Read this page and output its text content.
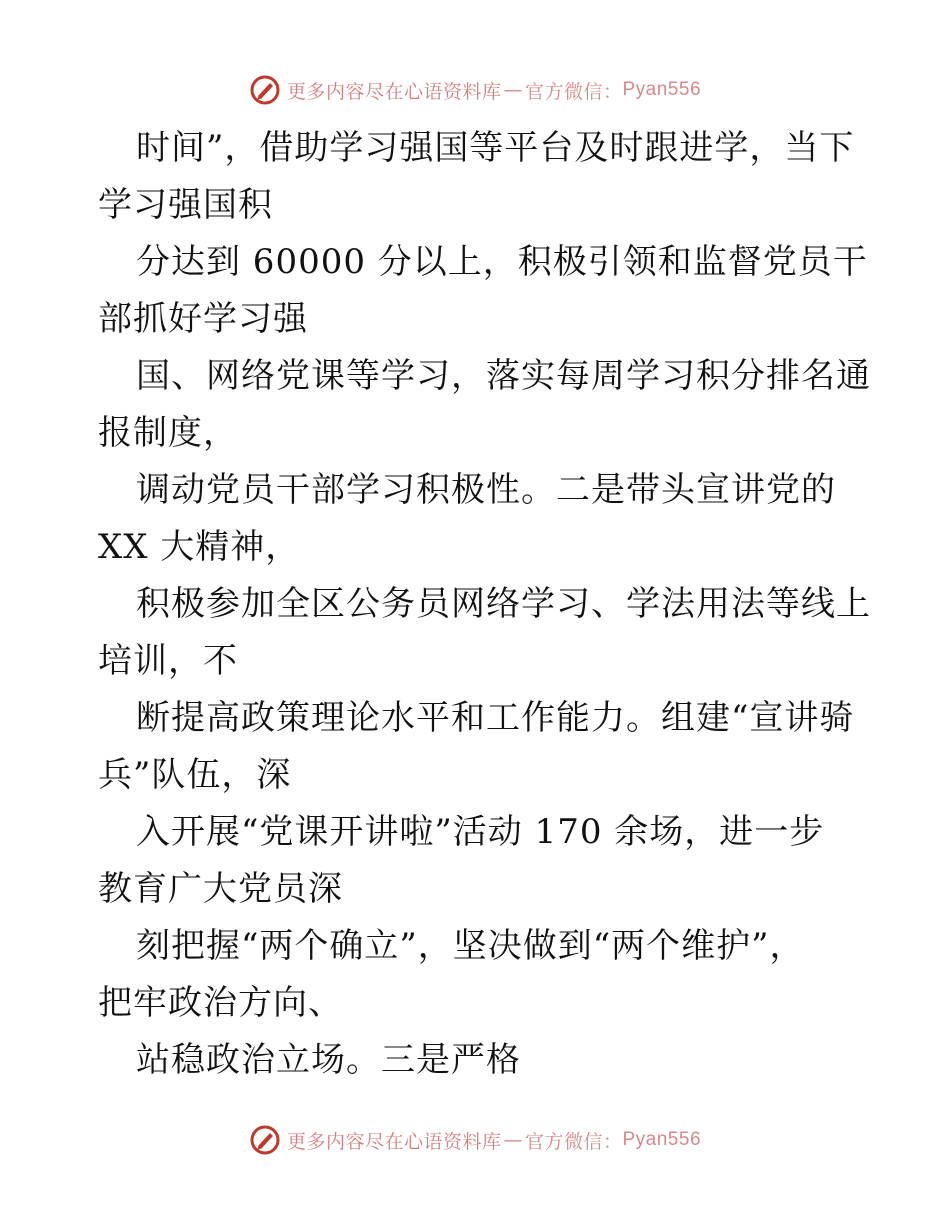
更多内容尽在心语资料库 — 官方微信： Pyan556
时间”，借助学习强国等平台及时跟进学，当下
学习强国积
分达到 60000 分以上，积极引领和监督党员干
部抓好学习强
国、网络党课等学习，落实每周学习积分排名通
报制度，
调动党员干部学习积极性。二是带头宣讲党的
XX 大精神，
积极参加全区公务员网络学习、学法用法等线上
培训，不
断提高政策理论水平和工作能力。组建“宣讲骑
兵”队伍，深
入开展“党课开讲啦”活动 170 余场，进一步
教育广大党员深
刻把握“两个确立”，坚决做到“两个维护”，
把牢政治方向、
站稳政治立场。三是严格
更多内容尽在心语资料库 — 官方微信： Pyan556
